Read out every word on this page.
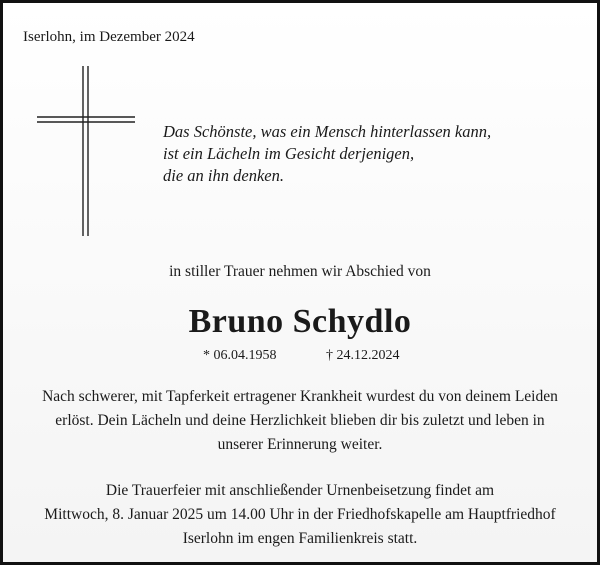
Iserlohn, im Dezember 2024
Das Schönste, was ein Mensch hinterlassen kann,
ist ein Lächeln im Gesicht derjenigen,
die an ihn denken.
in stiller Trauer nehmen wir Abschied von
Bruno Schydlo
* 06.04.1958	† 24.12.2024

Nach schwerer, mit Tapferkeit ertragener Krankheit wurdest du von deinem Leiden
erlöst. Dein Lächeln und deine Herzlichkeit blieben dir bis zuletzt und leben in
unserer Erinnerung weiter.

Die Trauerfeier mit anschließender Urnenbeisetzung findet am
Mittwoch, 8. Januar 2025 um 14.00 Uhr in der Friedhofskapelle am Hauptfriedhof
Iserlohn im engen Familienkreis statt.
